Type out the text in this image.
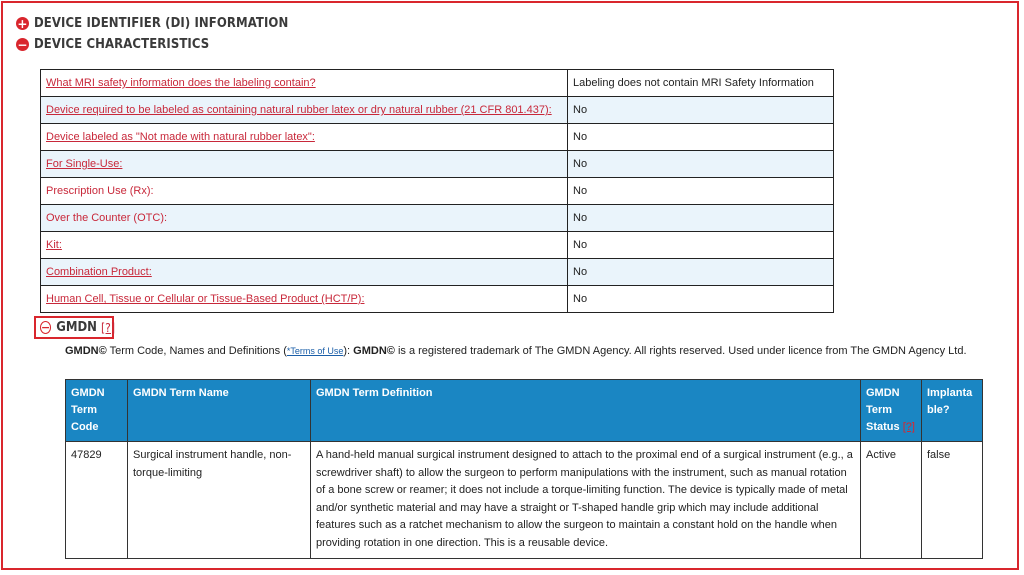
+ DEVICE IDENTIFIER (DI) INFORMATION
− DEVICE CHARACTERISTICS
What MRI safety information does the labeling contain?	Labeling does not contain MRI Safety Information
Device required to be labeled as containing natural rubber latex or dry natural rubber (21 CFR 801.437):	No
Device labeled as "Not made with natural rubber latex":	No
For Single-Use:	No
Prescription Use (Rx):	No
Over the Counter (OTC):	No
Kit:	No
Combination Product:	No
Human Cell, Tissue or Cellular or Tissue-Based Product (HCT/P):	No
− GMDN [?]
GMDN© Term Code, Names and Definitions (*Terms of Use): GMDN© is a registered trademark of The GMDN Agency. All rights reserved. Used under licence from The GMDN Agency Ltd.
GMDN Term Code	GMDN Term Name	GMDN Term Definition	GMDN Term Status [?]	Implantable?
47829	Surgical instrument handle, non-torque-limiting	A hand-held manual surgical instrument designed to attach to the proximal end of a surgical instrument (e.g., a screwdriver shaft) to allow the surgeon to perform manipulations with the instrument, such as manual rotation of a bone screw or reamer; it does not include a torque-limiting function. The device is typically made of metal and/or synthetic material and may have a straight or T-shaped handle grip which may include additional features such as a ratchet mechanism to allow the surgeon to maintain a constant hold on the handle when providing rotation in one direction. This is a reusable device.	Active	false
